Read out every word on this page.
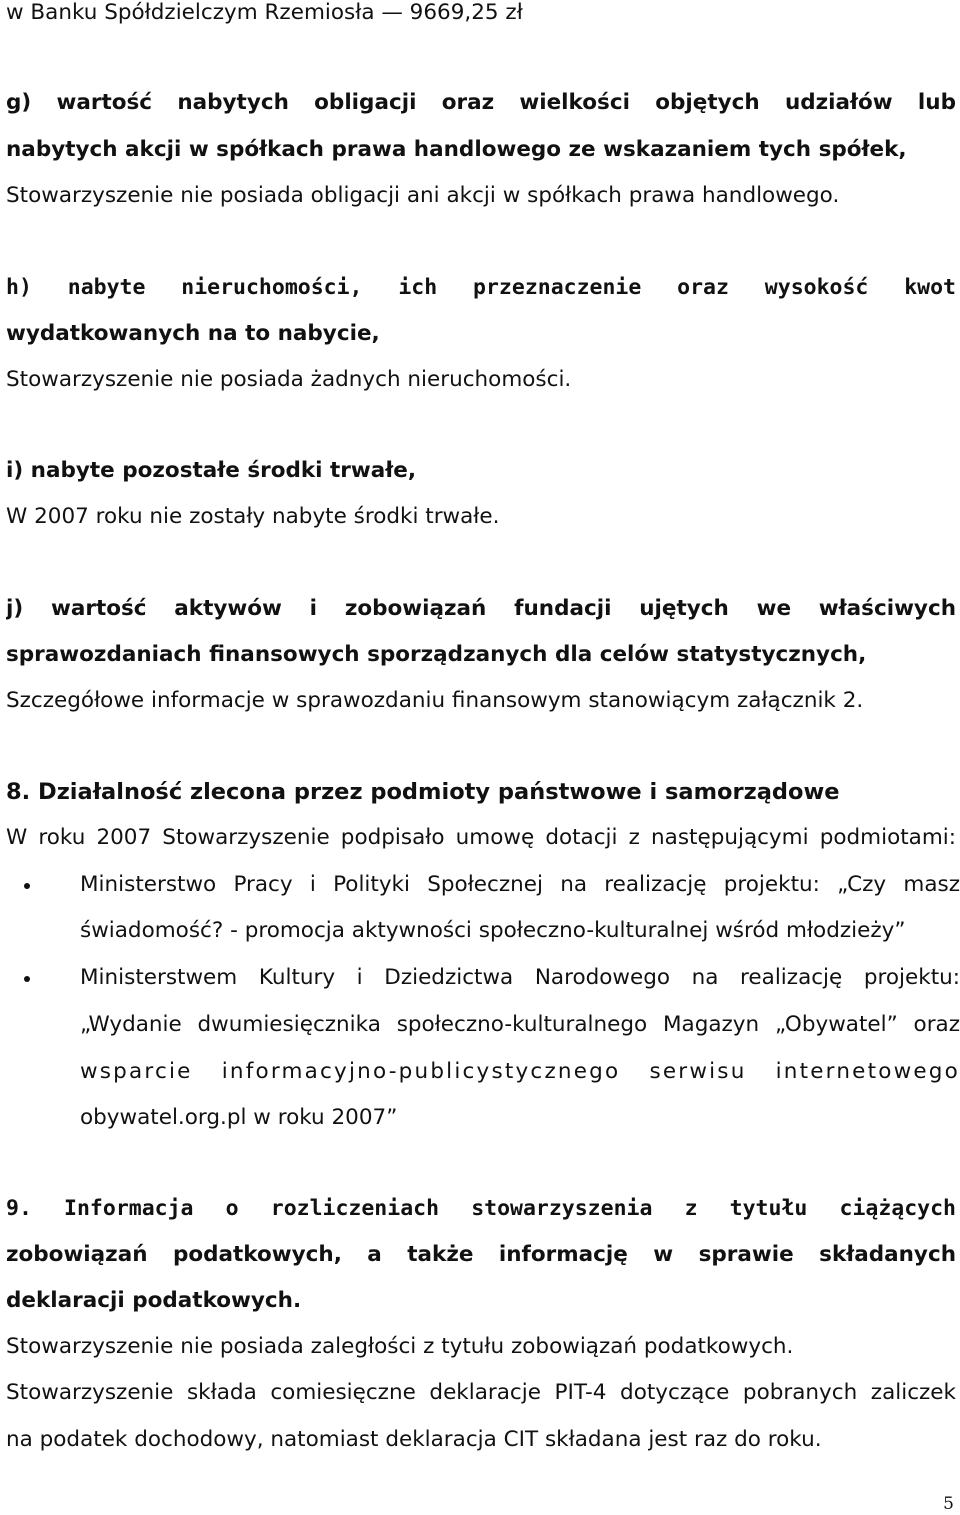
w Banku Spółdzielczym Rzemiosła — 9669,25 zł

g) wartość nabytych obligacji oraz wielkości objętych udziałów lub

nabytych akcji w spółkach prawa handlowego ze wskazaniem tych spółek,

Stowarzyszenie nie posiada obligacji ani akcji w spółkach prawa handlowego.

h) nabyte nieruchomości, ich przeznaczenie oraz wysokość kwot

wydatkowanych na to nabycie,

Stowarzyszenie nie posiada żadnych nieruchomości.

i) nabyte pozostałe środki trwałe,

W 2007 roku nie zostały nabyte środki trwałe.

j) wartość aktywów i zobowiązań fundacji ujętych we właściwych

sprawozdaniach finansowych sporządzanych dla celów statystycznych,

Szczegółowe informacje w sprawozdaniu finansowym stanowiącym załącznik 2.

8. Działalność zlecona przez podmioty państwowe i samorządowe

W roku 2007 Stowarzyszenie podpisało umowę dotacji z następującymi podmiotami:

Ministerstwo Pracy i Polityki Społecznej na realizację projektu: „Czy masz

świadomość? - promocja aktywności społeczno-kulturalnej wśród młodzieży”

Ministerstwem Kultury i Dziedzictwa Narodowego na realizację projektu:

„Wydanie dwumiesięcznika społeczno-kulturalnego Magazyn „Obywatel” oraz

wsparcie informacyjno-publicystycznego serwisu internetowego

obywatel.org.pl w roku 2007”

9. Informacja o rozliczeniach stowarzyszenia z tytułu ciążących

zobowiązań podatkowych, a także informację w sprawie składanych

deklaracji podatkowych.

Stowarzyszenie nie posiada zaległości z tytułu zobowiązań podatkowych.

Stowarzyszenie składa comiesięczne deklaracje PIT-4 dotyczące pobranych zaliczek

na podatek dochodowy, natomiast deklaracja CIT składana jest raz do roku.

5
